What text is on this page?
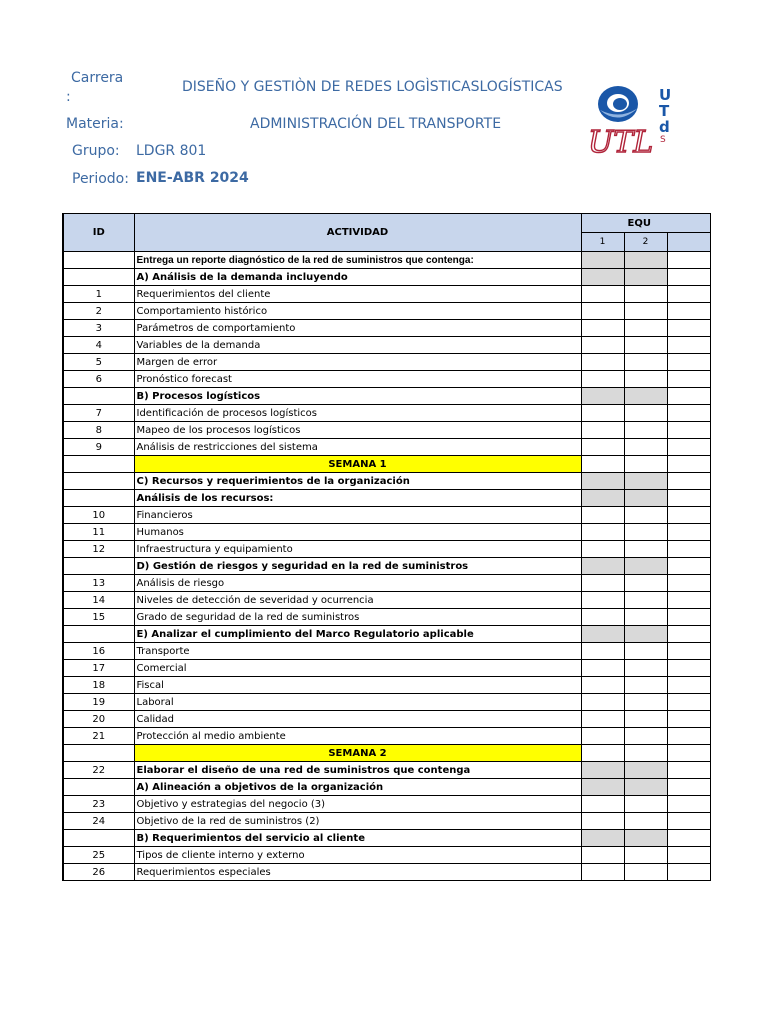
Carrera
:
DISEÑO Y GESTIÒN DE REDES LOGÌSTICASLOGÍSTICAS
Materia:	ADMINISTRACIÓN DEL TRANSPORTE
Grupo: LDGR 801
Periodo: ENE-ABR 2024
UTL
U
T
d
S
ID	ACTIVIDAD	EQU		
		1	2	
	Entrega un reporte diagnóstico de la red de suministros que contenga:			
	A) Análisis de la demanda incluyendo			
1	Requerimientos del cliente			
2	Comportamiento histórico			
3	Parámetros de comportamiento			
4	Variables de la demanda			
5	Margen de error			
6	Pronóstico forecast			
	B) Procesos logísticos			
7	Identificación de procesos logísticos			
8	Mapeo de los procesos logísticos			
9	Análisis de restricciones del sistema			
	SEMANA 1			
	C) Recursos y requerimientos de la organización			
	Análisis de los recursos:			
10	Financieros			
11	Humanos			
12	Infraestructura y equipamiento			
	D) Gestión de riesgos y seguridad en la red de suministros			
13	Análisis de riesgo			
14	Niveles de detección de severidad y ocurrencia			
15	Grado de seguridad de la red de suministros			
	E) Analizar el cumplimiento del Marco Regulatorio aplicable			
16	Transporte			
17	Comercial			
18	Fiscal			
19	Laboral			
20	Calidad			
21	Protección al medio ambiente			
	SEMANA 2			
22	Elaborar el diseño de una red de suministros que contenga			
	A) Alineación a objetivos de la organización			
23	Objetivo y estrategias del negocio (3)			
24	Objetivo de la red de suministros (2)			
	B) Requerimientos del servicio al cliente			
25	Tipos de cliente interno y externo			
26	Requerimientos especiales			
